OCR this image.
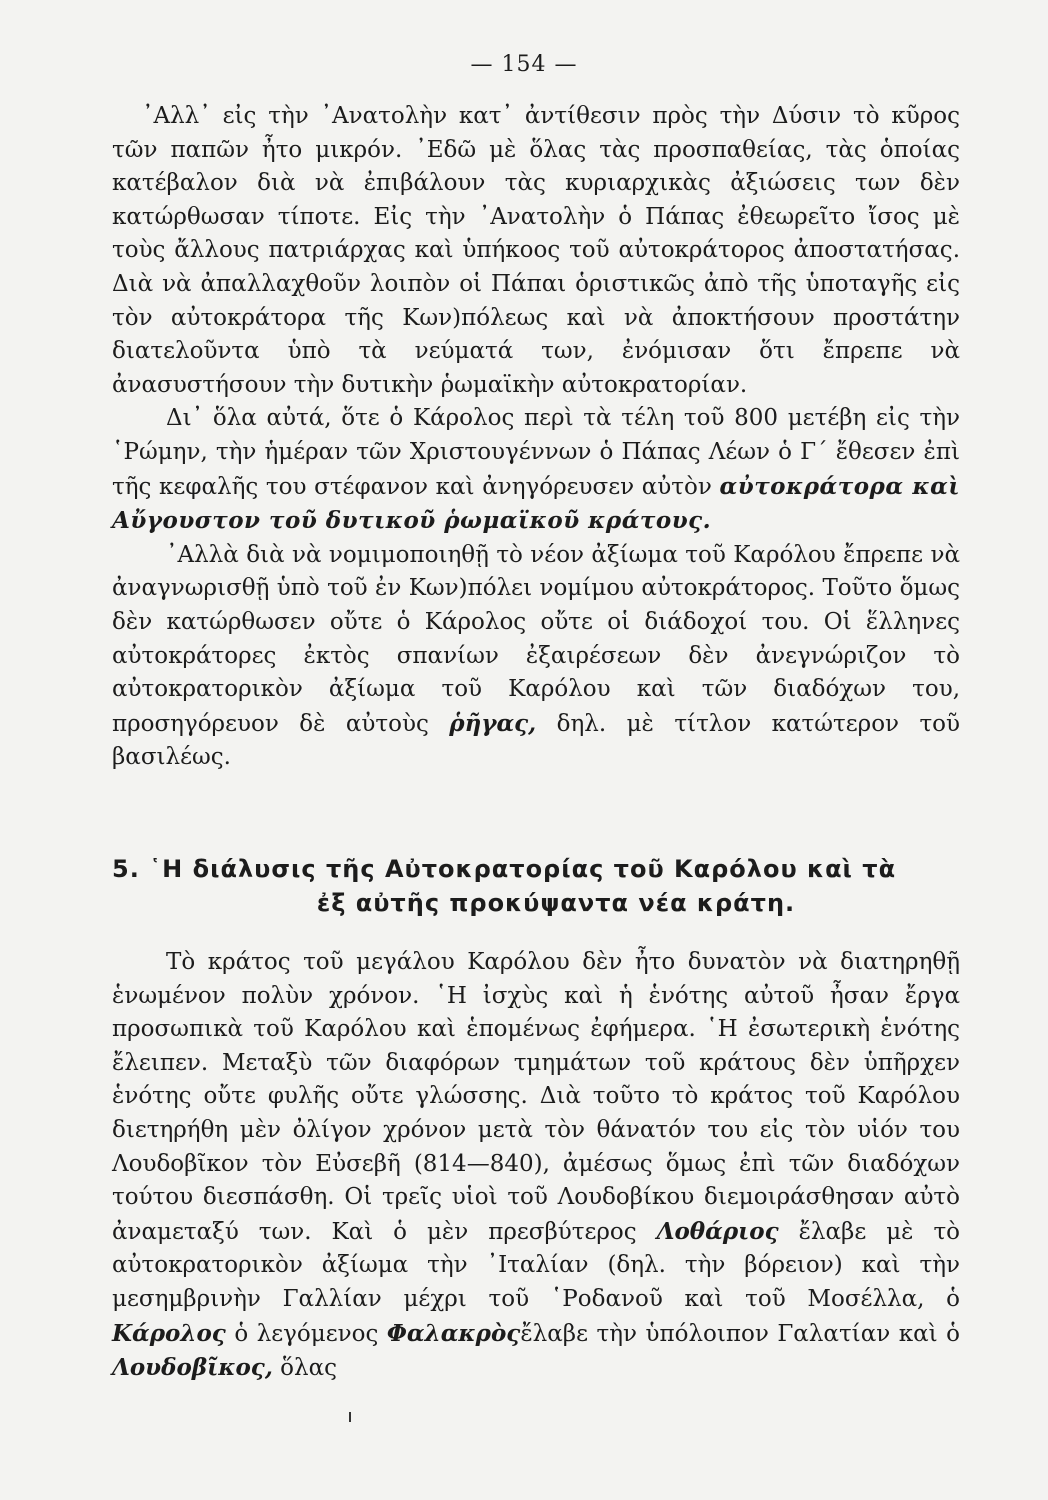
— 154 —

᾿Αλλ᾿ εἰς τὴν ᾿Ανατολὴν κατ᾿ ἀντίθεσιν πρὸς τὴν Δύσιν τὸ κῦρος τῶν παπῶν ἦτο μικρόν. ᾿Εδῶ μὲ ὅλας τὰς προσπαθείας, τὰς ὁποίας κατέβαλον διὰ νὰ ἐπιβάλουν τὰς κυριαρχικὰς ἀξιώσεις των δὲν κατώρθωσαν τίποτε. Εἰς τὴν ᾿Ανατολὴν ὁ Πάπας ἐθεωρεῖτο ἴσος μὲ τοὺς ἄλλους πατριάρχας καὶ ὑπήκοος τοῦ αὐτοκράτορος ἀποστατήσας. Διὰ νὰ ἀπαλλαχθοῦν λοιπὸν οἱ Πάπαι ὁριστικῶς ἀπὸ τῆς ὑποταγῆς εἰς τὸν αὐτοκράτορα τῆς Κων)πόλεως καὶ νὰ ἀποκτήσουν προστάτην διατελοῦντα ὑπὸ τὰ νεύματά των, ἐνόμισαν ὅτι ἔπρεπε νὰ ἀνασυστήσουν τὴν δυτικὴν ῥωμαϊκὴν αὐτοκρατορίαν.

Δι᾿ ὅλα αὐτά, ὅτε ὁ Κάρολος περὶ τὰ τέλη τοῦ 800 μετέβη εἰς τὴν ῾Ρώμην, τὴν ἡμέραν τῶν Χριστουγέννων ὁ Πάπας Λέων ὁ Γ΄ ἔθεσεν ἐπὶ τῆς κεφαλῆς του στέφανον καὶ ἀνηγόρευσεν αὐτὸν αὐτοκράτορα καὶ Αὔγουστον τοῦ δυτικοῦ ῥωμαϊκοῦ κράτους.

᾿Αλλὰ διὰ νὰ νομιμοποιηθῇ τὸ νέον ἀξίωμα τοῦ Καρόλου ἔπρεπε νὰ ἀναγνωρισθῇ ὑπὸ τοῦ ἐν Κων)πόλει νομίμου αὐτοκράτορος. Τοῦτο ὅμως δὲν κατώρθωσεν οὔτε ὁ Κάρολος οὔτε οἱ διάδοχοί του. Οἱ ἕλληνες αὐτοκράτορες ἐκτὸς σπανίων ἐξαιρέσεων δὲν ἀνεγνώριζον τὸ αὐτοκρατορικὸν ἀξίωμα τοῦ Καρόλου καὶ τῶν διαδόχων του, προσηγόρευον δὲ αὐτοὺς ῥῆγας, δηλ. μὲ τίτλον κατώτερον τοῦ βασιλέως.

5. ῾Η διάλυσις τῆς Αὐτοκρατορίας τοῦ Καρόλου καὶ τὰ
ἐξ αὐτῆς προκύψαντα νέα κράτη.

Τὸ κράτος τοῦ μεγάλου Καρόλου δὲν ἦτο δυνατὸν νὰ διατηρηθῇ ἑνωμένον πολὺν χρόνον. ῾Η ἰσχὺς καὶ ἡ ἑνότης αὐτοῦ ἦσαν ἔργα προσωπικὰ τοῦ Καρόλου καὶ ἑπομένως ἐφήμερα. ῾Η ἐσωτερικὴ ἑνότης ἔλειπεν. Μεταξὺ τῶν διαφόρων τμημάτων τοῦ κράτους δὲν ὑπῆρχεν ἑνότης οὔτε φυλῆς οὔτε γλώσσης. Διὰ τοῦτο τὸ κράτος τοῦ Καρόλου διετηρήθη μὲν ὀλίγον χρόνον μετὰ τὸν θάνατόν του εἰς τὸν υἱόν του Λουδοβῖκον τὸν Εὐσεβῆ (814—840), ἀμέσως ὅμως ἐπὶ τῶν διαδόχων τούτου διεσπάσθη. Οἱ τρεῖς υἱοὶ τοῦ Λουδοβίκου διεμοιράσθησαν αὐτὸ ἀναμεταξύ των. Καὶ ὁ μὲν πρεσβύτερος Λοθάριος ἔλαβε μὲ τὸ αὐτοκρατορικὸν ἀξίωμα τὴν ᾿Ιταλίαν (δηλ. τὴν βόρειον) καὶ τὴν μεσημβρινὴν Γαλλίαν μέχρι τοῦ ῾Ροδανοῦ καὶ τοῦ Μοσέλλα, ὁ Κάρολος ὁ λεγόμενος Φαλακρὸςἔλαβε τὴν ὑπόλοιπον Γαλατίαν καὶ ὁ Λουδοβῖκος, ὅλας
